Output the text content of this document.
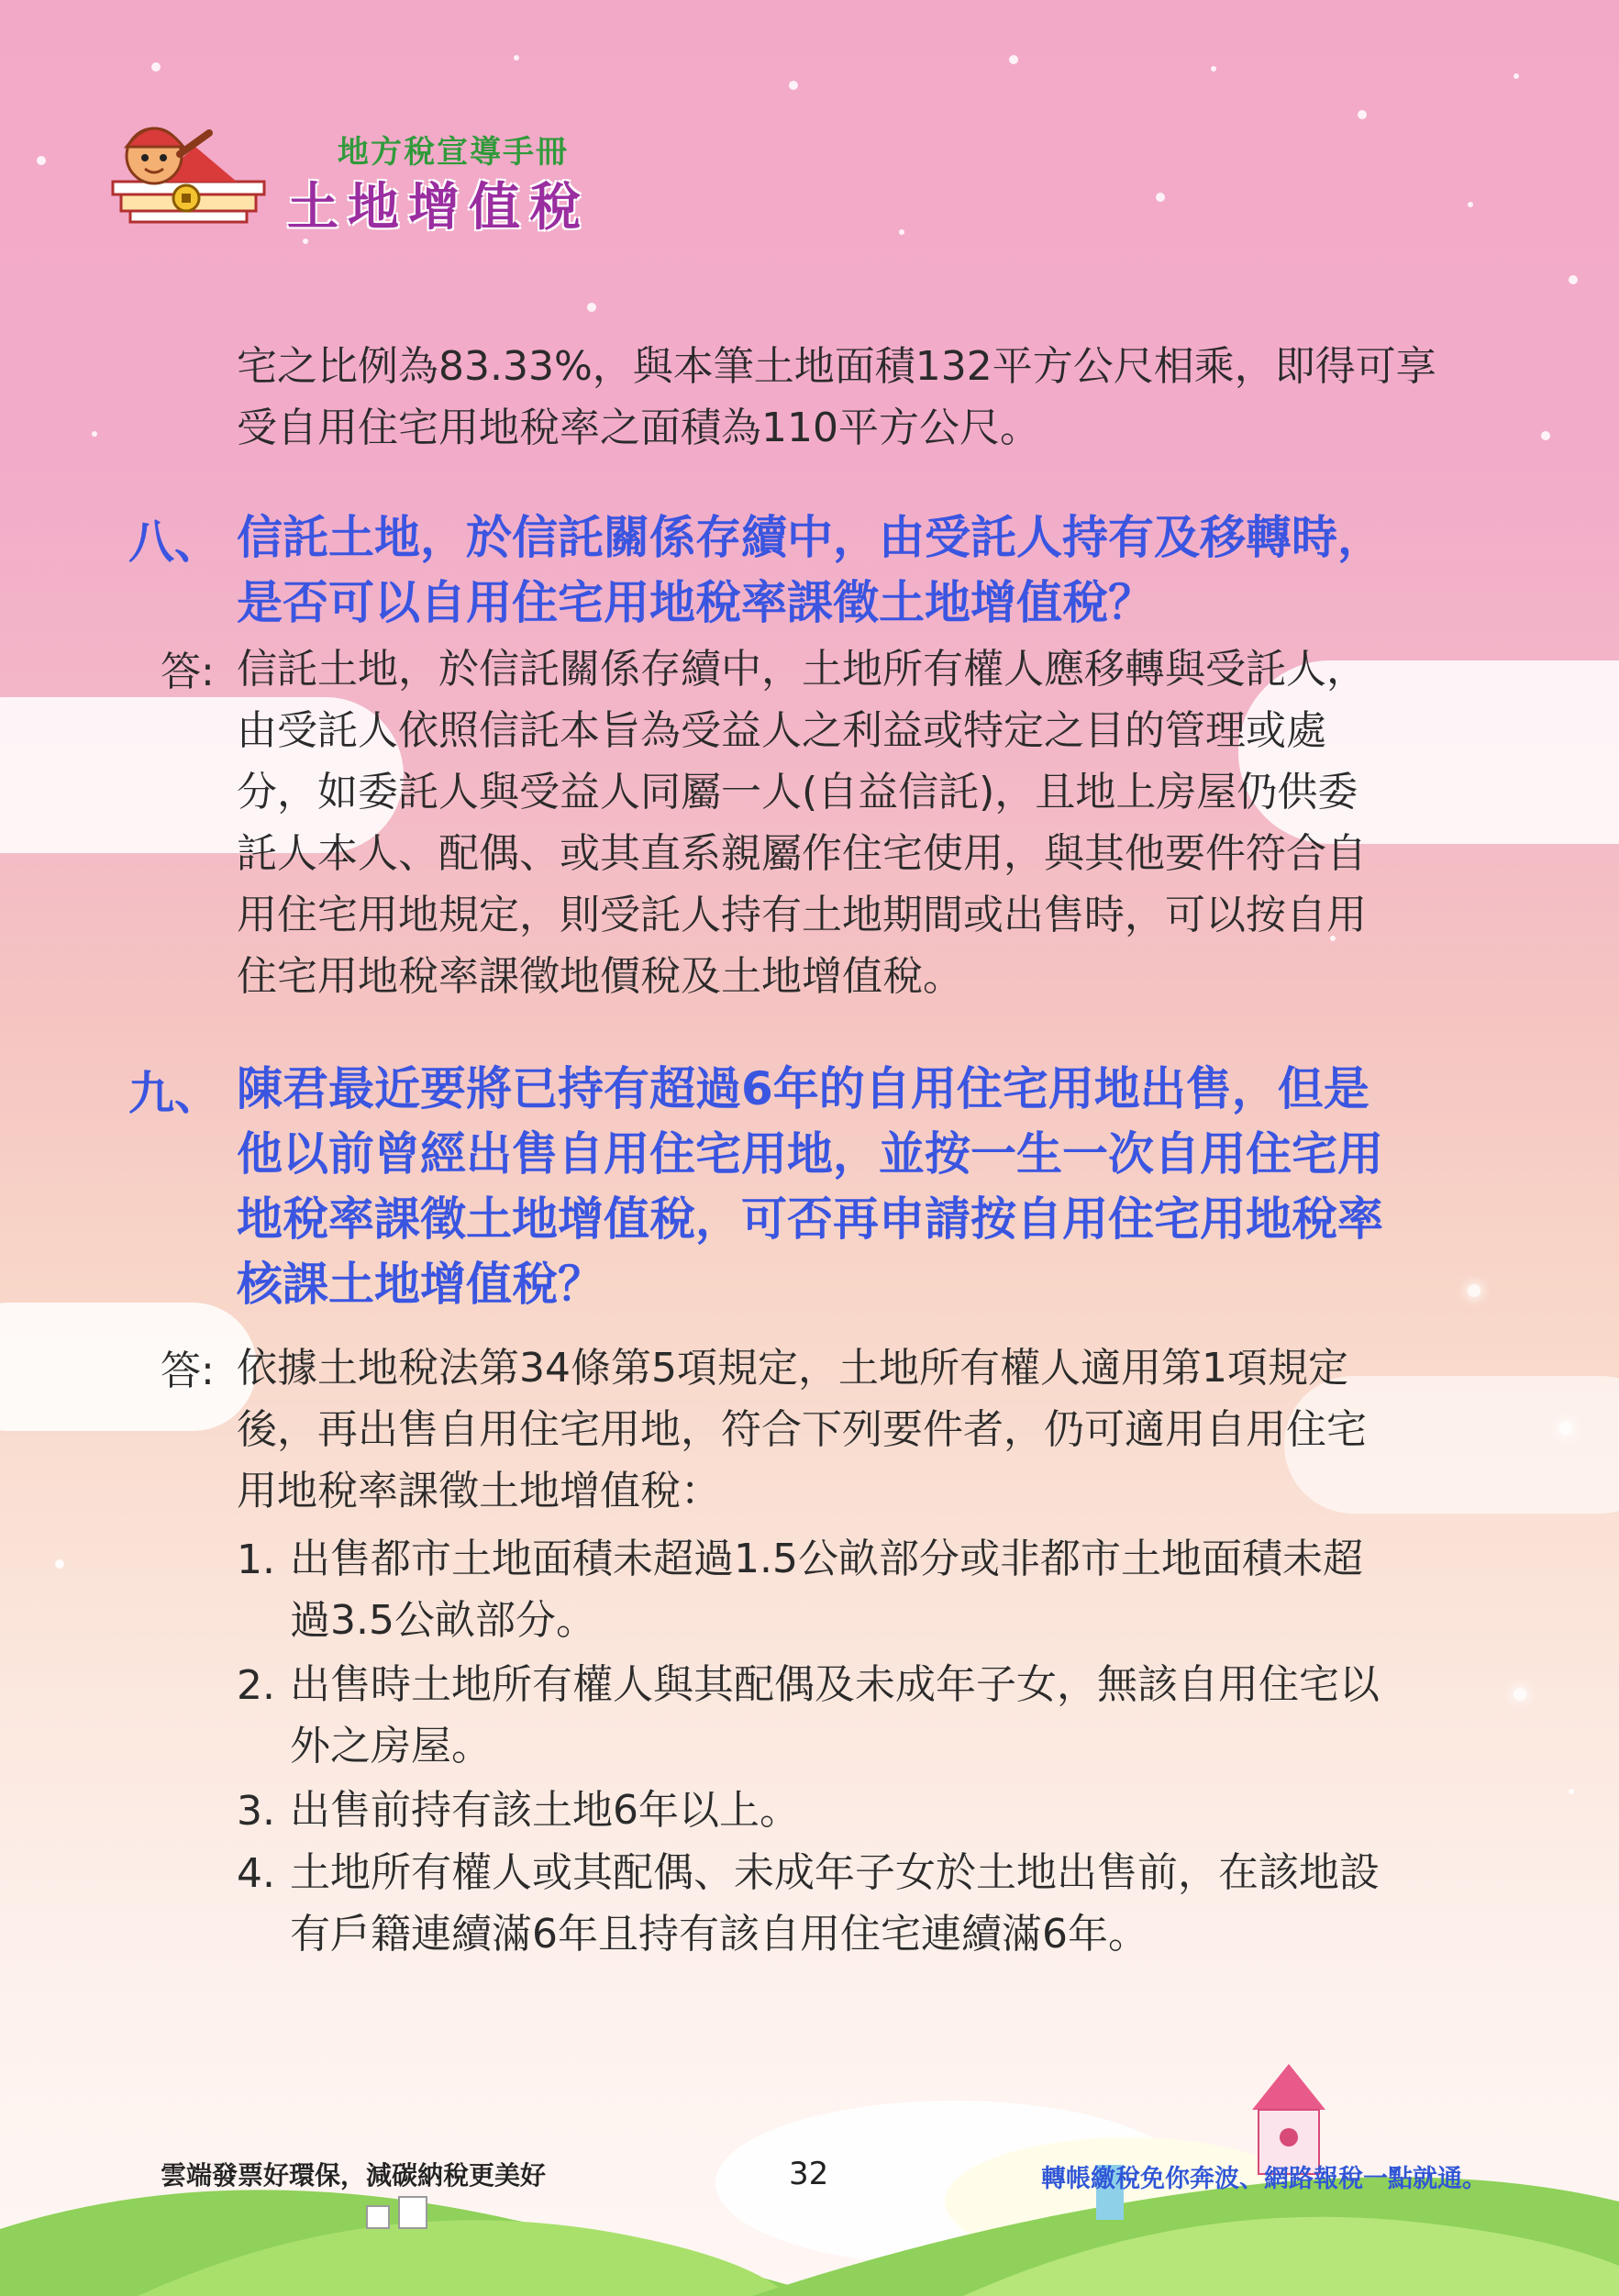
地方稅宣導手冊
土地增值稅
宅之比例為83.33%，與本筆土地面積132平方公尺相乘，即得可享
受自用住宅用地稅率之面積為110平方公尺。
八、 信託土地，於信託關係存續中，由受託人持有及移轉時，
是否可以自用住宅用地稅率課徵土地增值稅？
答: 信託土地，於信託關係存續中，土地所有權人應移轉與受託人，
由受託人依照信託本旨為受益人之利益或特定之目的管理或處
分，如委託人與受益人同屬一人(自益信託)，且地上房屋仍供委
託人本人、配偶、或其直系親屬作住宅使用，與其他要件符合自
用住宅用地規定，則受託人持有土地期間或出售時，可以按自用
住宅用地稅率課徵地價稅及土地增值稅。
九、 陳君最近要將已持有超過6年的自用住宅用地出售，但是
他以前曾經出售自用住宅用地，並按一生一次自用住宅用
地稅率課徵土地增值稅，可否再申請按自用住宅用地稅率
核課土地增值稅？
答: 依據土地稅法第34條第5項規定，土地所有權人適用第1項規定
後，再出售自用住宅用地，符合下列要件者，仍可適用自用住宅
用地稅率課徵土地增值稅：
1. 出售都市土地面積未超過1.5公畝部分或非都市土地面積未超
過3.5公畝部分。
2. 出售時土地所有權人與其配偶及未成年子女，無該自用住宅以
外之房屋。
3. 出售前持有該土地6年以上。
4. 土地所有權人或其配偶、未成年子女於土地出售前，在該地設
有戶籍連續滿6年且持有該自用住宅連續滿6年。
雲端發票好環保，減碳納稅更美好	32	轉帳繳稅免你奔波、網路報稅一點就通。
